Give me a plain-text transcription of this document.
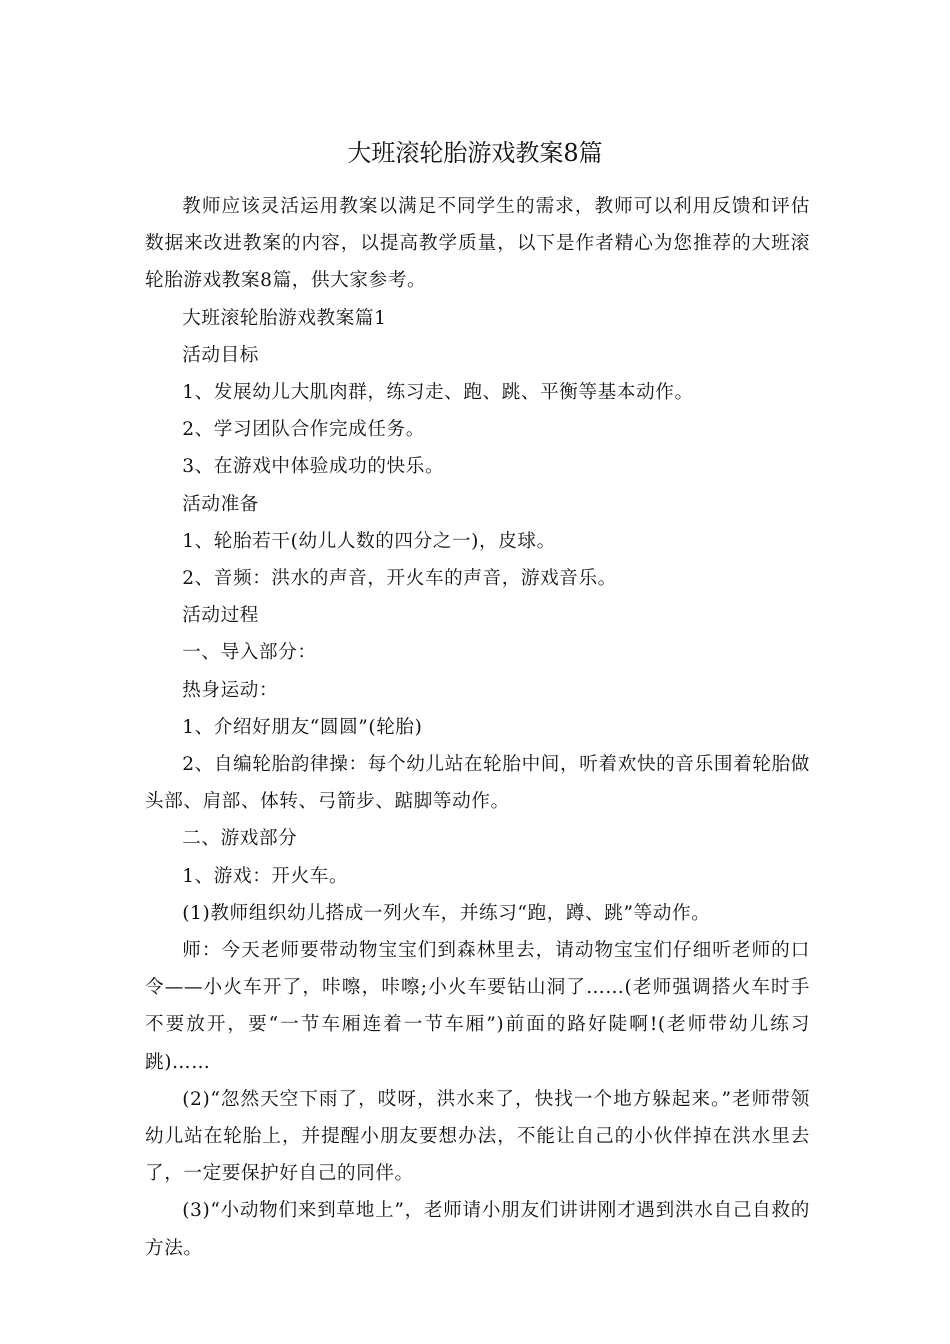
大班滚轮胎游戏教案8篇

教师应该灵活运用教案以满足不同学生的需求，教师可以利用反馈和评估数据来改进教案的内容，以提高教学质量，以下是作者精心为您推荐的大班滚轮胎游戏教案8篇，供大家参考。

大班滚轮胎游戏教案篇1

活动目标

1、发展幼儿大肌肉群，练习走、跑、跳、平衡等基本动作。

2、学习团队合作完成任务。

3、在游戏中体验成功的快乐。

活动准备

1、轮胎若干(幼儿人数的四分之一)，皮球。

2、音频：洪水的声音，开火车的声音，游戏音乐。

活动过程

一、导入部分：

热身运动：

1、介绍好朋友“圆圆”(轮胎)

2、自编轮胎韵律操：每个幼儿站在轮胎中间，听着欢快的音乐围着轮胎做头部、肩部、体转、弓箭步、踮脚等动作。

二、游戏部分

1、游戏：开火车。

(1)教师组织幼儿搭成一列火车，并练习“跑，蹲、跳”等动作。

师：今天老师要带动物宝宝们到森林里去，请动物宝宝们仔细听老师的口令——小火车开了，咔嚓，咔嚓;小火车要钻山洞了……(老师强调搭火车时手不要放开，要“一节车厢连着一节车厢”)前面的路好陡啊!(老师带幼儿练习跳)……

(2)“忽然天空下雨了，哎呀，洪水来了，快找一个地方躲起来。”老师带领幼儿站在轮胎上，并提醒小朋友要想办法，不能让自己的小伙伴掉在洪水里去了，一定要保护好自己的同伴。

(3)“小动物们来到草地上”，老师请小朋友们讲讲刚才遇到洪水自己自救的方法。
